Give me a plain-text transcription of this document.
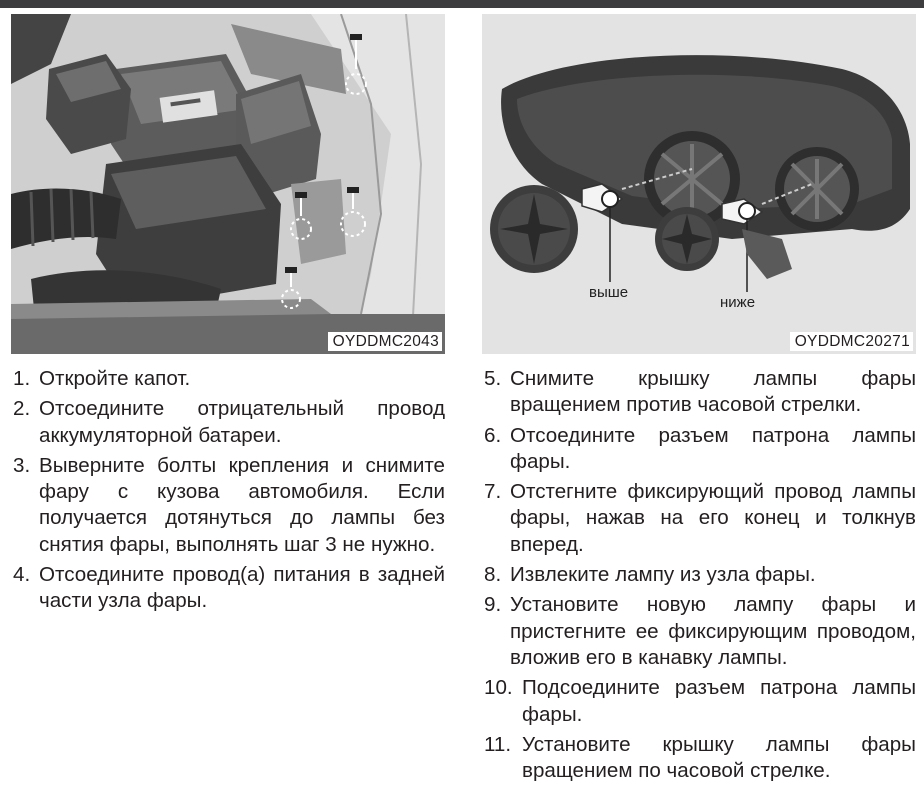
OYDDMC2043
выше
ниже
OYDDMC20271
1. Откройте капот.
2. Отсоедините отрицательный провод аккумуляторной батареи.
3. Выверните болты крепления и снимите фару с кузова автомобиля. Если получается дотянуться до лампы без снятия фары, выполнять шаг 3 не нужно.
4. Отсоедините провод(а) питания в задней части узла фары.
5. Снимите крышку лампы фары вращением против часовой стрелки.
6. Отсоедините разъем патрона лампы фары.
7. Отстегните фиксирующий провод лампы фары, нажав на его конец и толкнув вперед.
8. Извлеките лампу из узла фары.
9. Установите новую лампу фары и пристегните ее фиксирующим проводом, вложив его в канавку лампы.
10. Подсоедините разъем патрона лампы фары.
11. Установите крышку лампы фары вращением по часовой стрелке.
